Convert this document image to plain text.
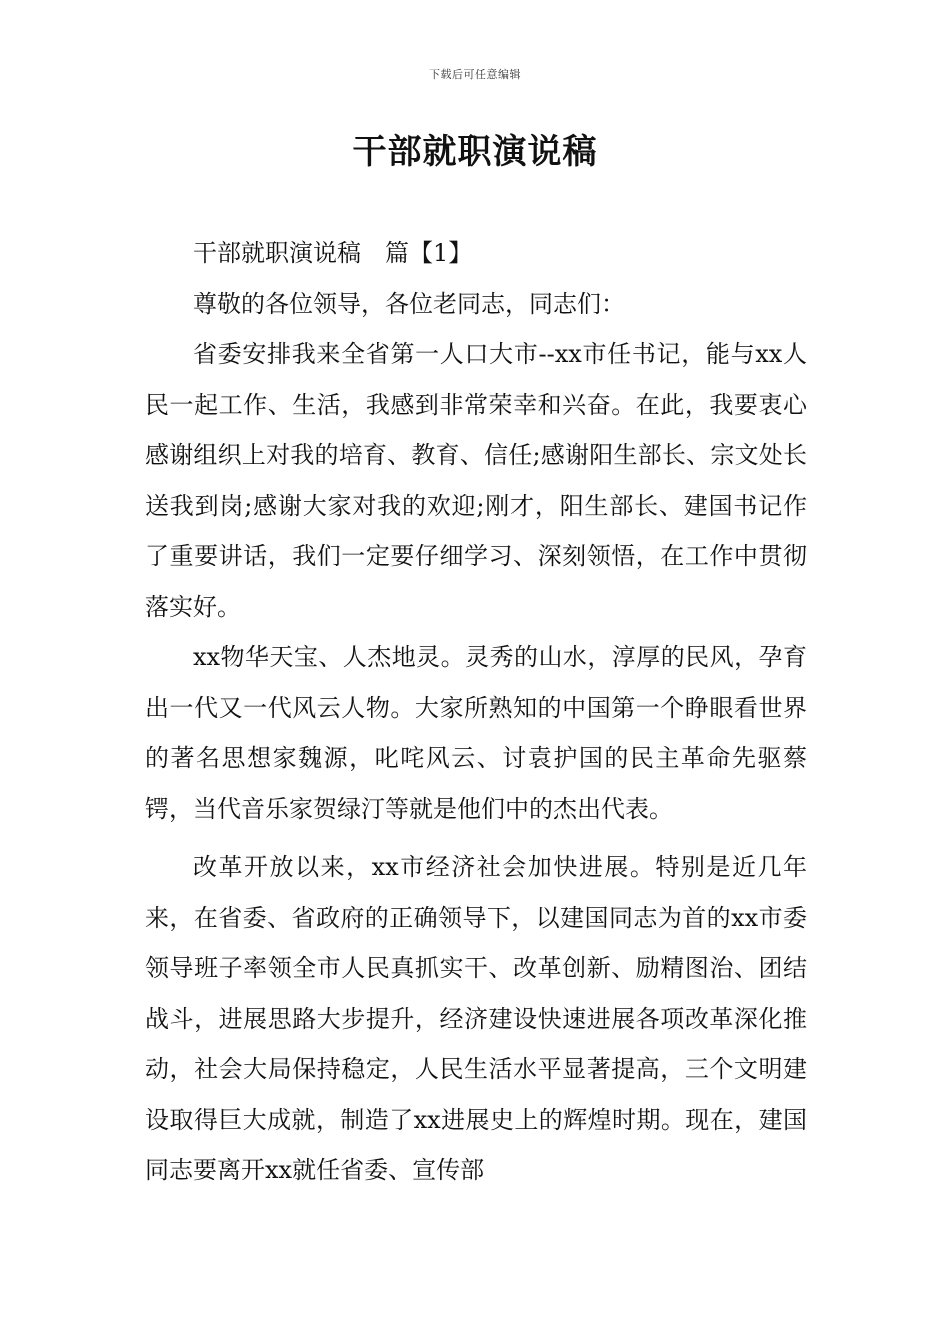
下载后可任意编辑
干部就职演说稿

干部就职演说稿　篇【1】

尊敬的各位领导，各位老同志，同志们：

省委安排我来全省第一人口大市--xx市任书记，能与xx人民一起工作、生活，我感到非常荣幸和兴奋。在此，我要衷心感谢组织上对我的培育、教育、信任;感谢阳生部长、宗文处长送我到岗;感谢大家对我的欢迎;刚才，阳生部长、建国书记作了重要讲话，我们一定要仔细学习、深刻领悟，在工作中贯彻落实好。

xx物华天宝、人杰地灵。灵秀的山水，淳厚的民风，孕育出一代又一代风云人物。大家所熟知的中国第一个睁眼看世界的著名思想家魏源，叱咤风云、讨袁护国的民主革命先驱蔡锷，当代音乐家贺绿汀等就是他们中的杰出代表。

改革开放以来，xx市经济社会加快进展。特别是近几年来，在省委、省政府的正确领导下，以建国同志为首的xx市委领导班子率领全市人民真抓实干、改革创新、励精图治、团结战斗，进展思路大步提升，经济建设快速进展各项改革深化推动，社会大局保持稳定，人民生活水平显著提高，三个文明建设取得巨大成就，制造了xx进展史上的辉煌时期。现在，建国同志要离开xx就任省委、宣传部
